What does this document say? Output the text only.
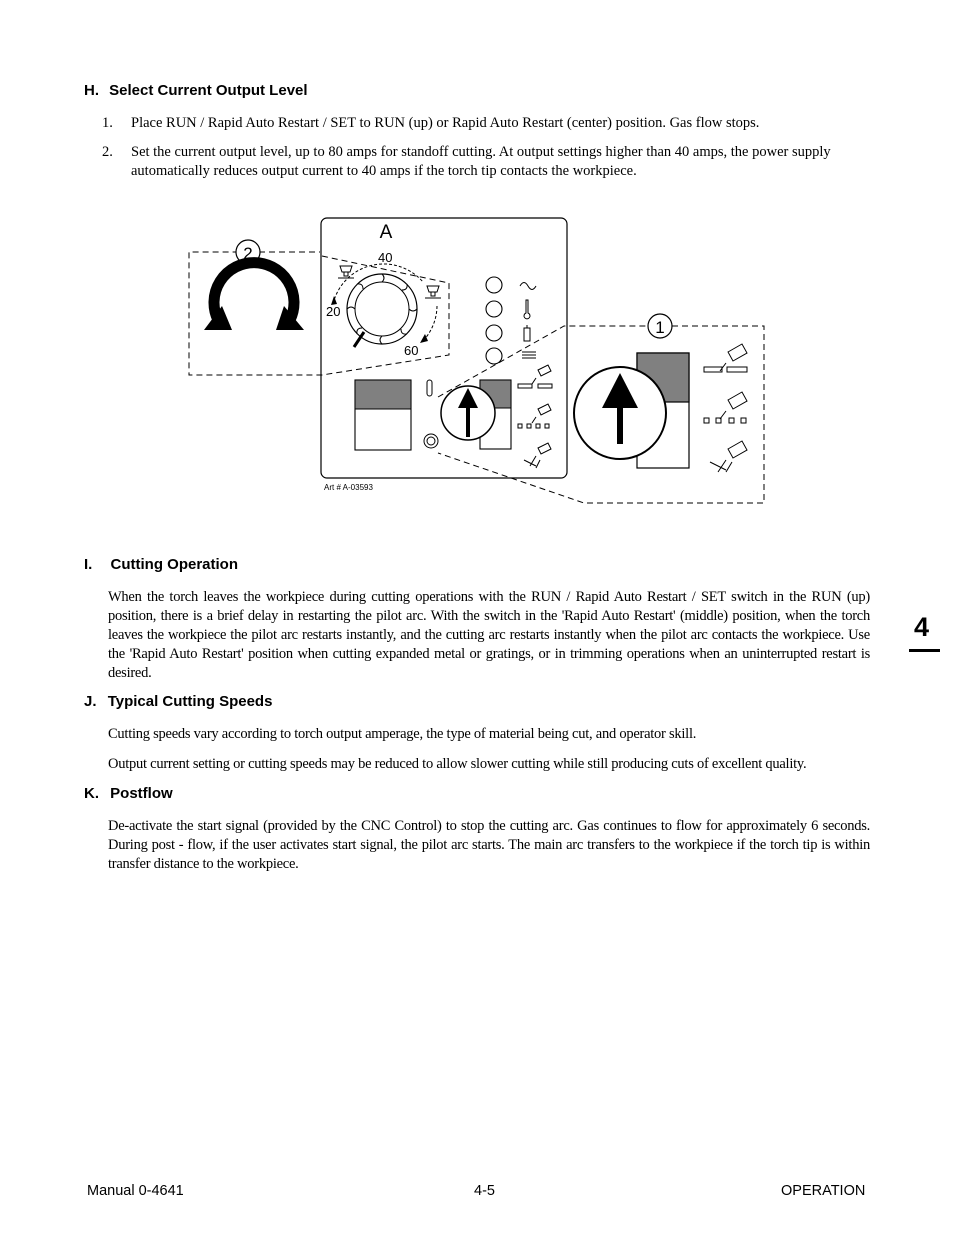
H. Select Current Output Level
1. Place RUN / Rapid Auto Restart / SET to RUN (up) or Rapid Auto Restart (center) position. Gas flow stops.
2. Set the current output level, up to 80 amps for standoff cutting. At output settings higher than 40 amps, the power supply automatically reduces output current to 40 amps if the torch tip contacts the workpiece.
A
2
20
40
60
Art # A-03593
1
I. Cutting Operation
When the torch leaves the workpiece during cutting operations with the RUN / Rapid Auto Restart / SET switch in the RUN (up) position, there is a brief delay in restarting the pilot arc. With the switch in the 'Rapid Auto Restart' (middle) position, when the torch leaves the workpiece the pilot arc restarts instantly, and the cutting arc restarts instantly when the pilot arc contacts the workpiece. Use the 'Rapid Auto Restart' position when cutting expanded metal or gratings, or in trimming operations when an uninterrupted restart is desired.
J. Typical Cutting Speeds
Cutting speeds vary according to torch output amperage, the type of material being cut, and operator skill.
Output current setting or cutting speeds may be reduced to allow slower cutting while still producing cuts of excellent quality.
K. Postflow
De-activate the start signal (provided by the CNC Control) to stop the cutting arc. Gas continues to flow for approximately 6 seconds. During post - flow, if the user activates start signal, the pilot arc starts. The main arc transfers to the workpiece if the torch tip is within transfer distance to the workpiece.
4
Manual 0-4641	4-5	OPERATION
